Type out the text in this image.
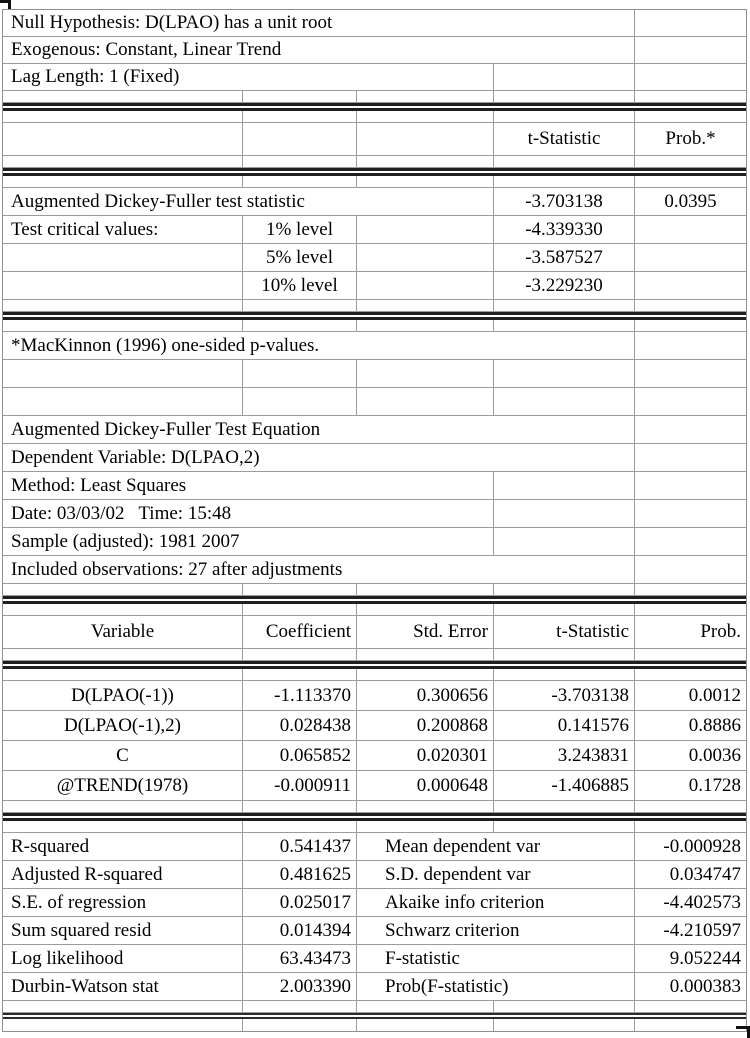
Null Hypothesis: D(LPAO) has a unit root
Exogenous: Constant, Linear Trend
Lag Length: 1 (Fixed)
t-Statistic	Prob.*
Augmented Dickey-Fuller test statistic	-3.703138	0.0395
Test critical values:	1% level	-4.339330
5% level	-3.587527
10% level	-3.229230
*MacKinnon (1996) one-sided p-values.
Augmented Dickey-Fuller Test Equation
Dependent Variable: D(LPAO,2)
Method: Least Squares
Date: 03/03/02   Time: 15:48
Sample (adjusted): 1981 2007
Included observations: 27 after adjustments
Variable	Coefficient	Std. Error	t-Statistic	Prob.
D(LPAO(-1))	-1.113370	0.300656	-3.703138	0.0012
D(LPAO(-1),2)	0.028438	0.200868	0.141576	0.8886
C	0.065852	0.020301	3.243831	0.0036
@TREND(1978)	-0.000911	0.000648	-1.406885	0.1728
R-squared	0.541437	Mean dependent var	-0.000928
Adjusted R-squared	0.481625	S.D. dependent var	0.034747
S.E. of regression	0.025017	Akaike info criterion	-4.402573
Sum squared resid	0.014394	Schwarz criterion	-4.210597
Log likelihood	63.43473	F-statistic	9.052244
Durbin-Watson stat	2.003390	Prob(F-statistic)	0.000383
